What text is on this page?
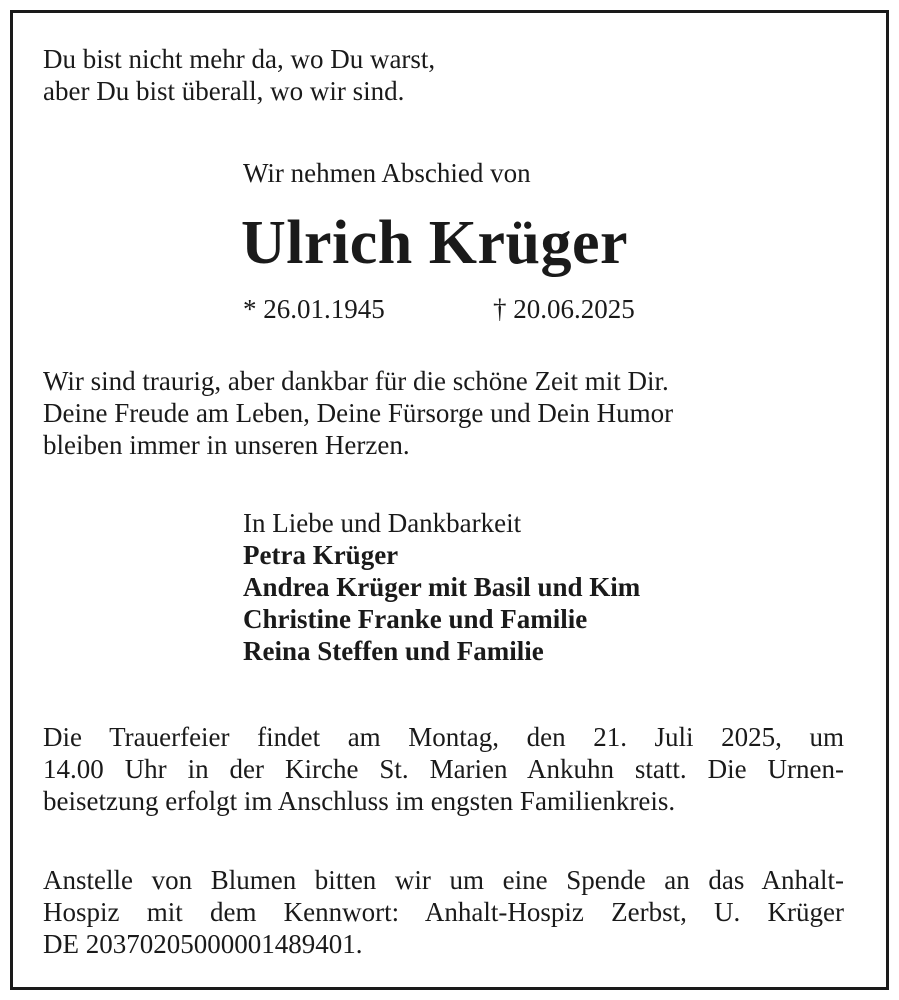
Du bist nicht mehr da, wo Du warst,
aber Du bist überall, wo wir sind.
Wir nehmen Abschied von
Ulrich Krüger
* 26.01.1945	† 20.06.2025
Wir sind traurig, aber dankbar für die schöne Zeit mit Dir.
Deine Freude am Leben, Deine Fürsorge und Dein Humor
bleiben immer in unseren Herzen.
In Liebe und Dankbarkeit
Petra Krüger
Andrea Krüger mit Basil und Kim
Christine Franke und Familie
Reina Steffen und Familie
Die Trauerfeier findet am Montag, den 21. Juli 2025, um
14.00 Uhr in der Kirche St. Marien Ankuhn statt. Die Urnen-
beisetzung erfolgt im Anschluss im engsten Familienkreis.
Anstelle von Blumen bitten wir um eine Spende an das Anhalt-
Hospiz mit dem Kennwort: Anhalt-Hospiz Zerbst, U. Krüger
DE 20370205000001489401.
